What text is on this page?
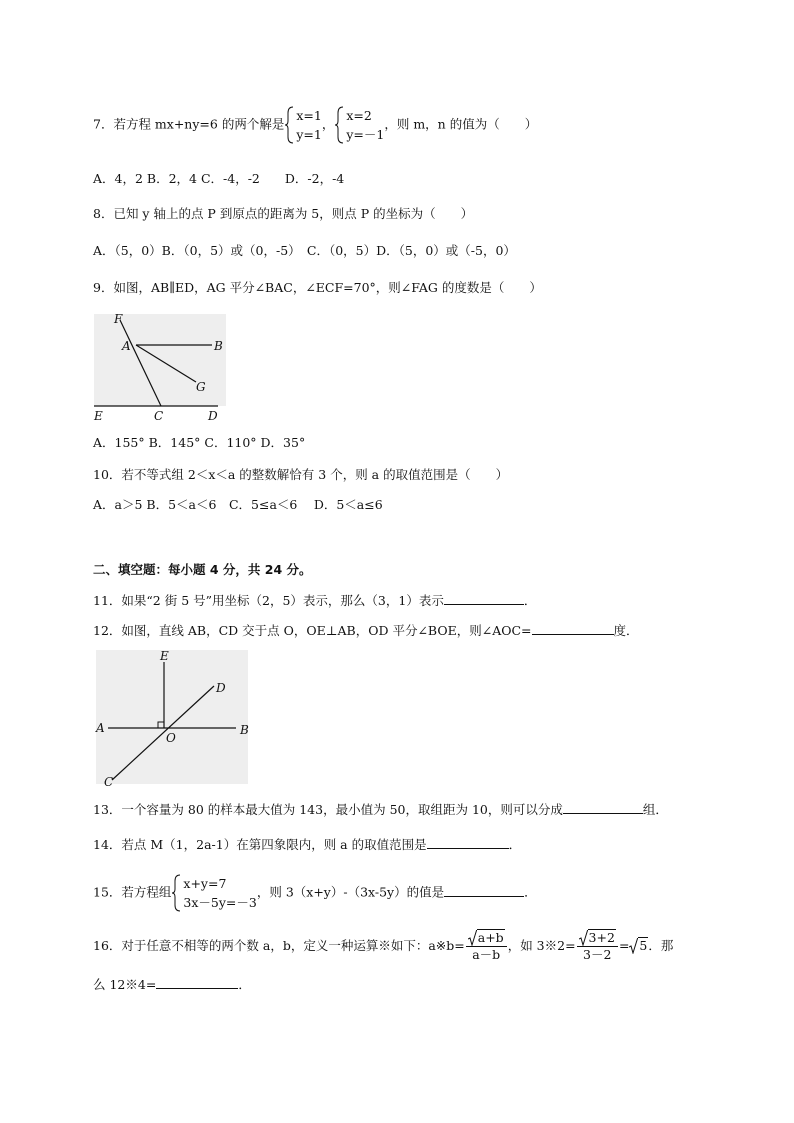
7．若方程 mx+ny=6 的两个解是
x=1
y=1
，
x=2
y=－1
，则 m，n 的值为（　　）
A．4，2 B．2，4 C．-4，-2　　D．-2，-4
8．已知 y 轴上的点 P 到原点的距离为 5，则点 P 的坐标为（　　）
A．（5，0）B．（0，5）或（0，-5）　C．（0，5）D．（5，0）或（-5，0）
9．如图，AB∥ED，AG 平分∠BAC，∠ECF=70°，则∠FAG 的度数是（　　）
F
A	B
G
E	C	D
A．155° B．145° C．110° D．35°
10．若不等式组 2＜x＜a 的整数解恰有 3 个，则 a 的取值范围是（　　）
A．a＞5 B．5＜a＜6　C．5≤a＜6　 D．5＜a≤6
二、填空题：每小题 4 分，共 24 分。
11．如果“2 街 5 号”用坐标（2，5）表示，那么（3，1）表示	．
12．如图，直线 AB，CD 交于点 O，OE⊥AB，OD 平分∠BOE，则∠AOC=	度．
E
D
A
O
B
C
13．一个容量为 80 的样本最大值为 143，最小值为 50，取组距为 10，则可以分成	组．
14．若点 M（1，2a-1）在第四象限内，则 a 的取值范围是	．
15．若方程组
x+y=7
3x－5y=－3
，则 3（x+y）-（3x-5y）的值是	．
16．对于任意不相等的两个数 a，b，定义一种运算※如下：a※b= $\frac{a+b}{a-b}$ ，如 3※2= $\frac{3+2}{3-2} = 5$．那
么 12※4=	．
